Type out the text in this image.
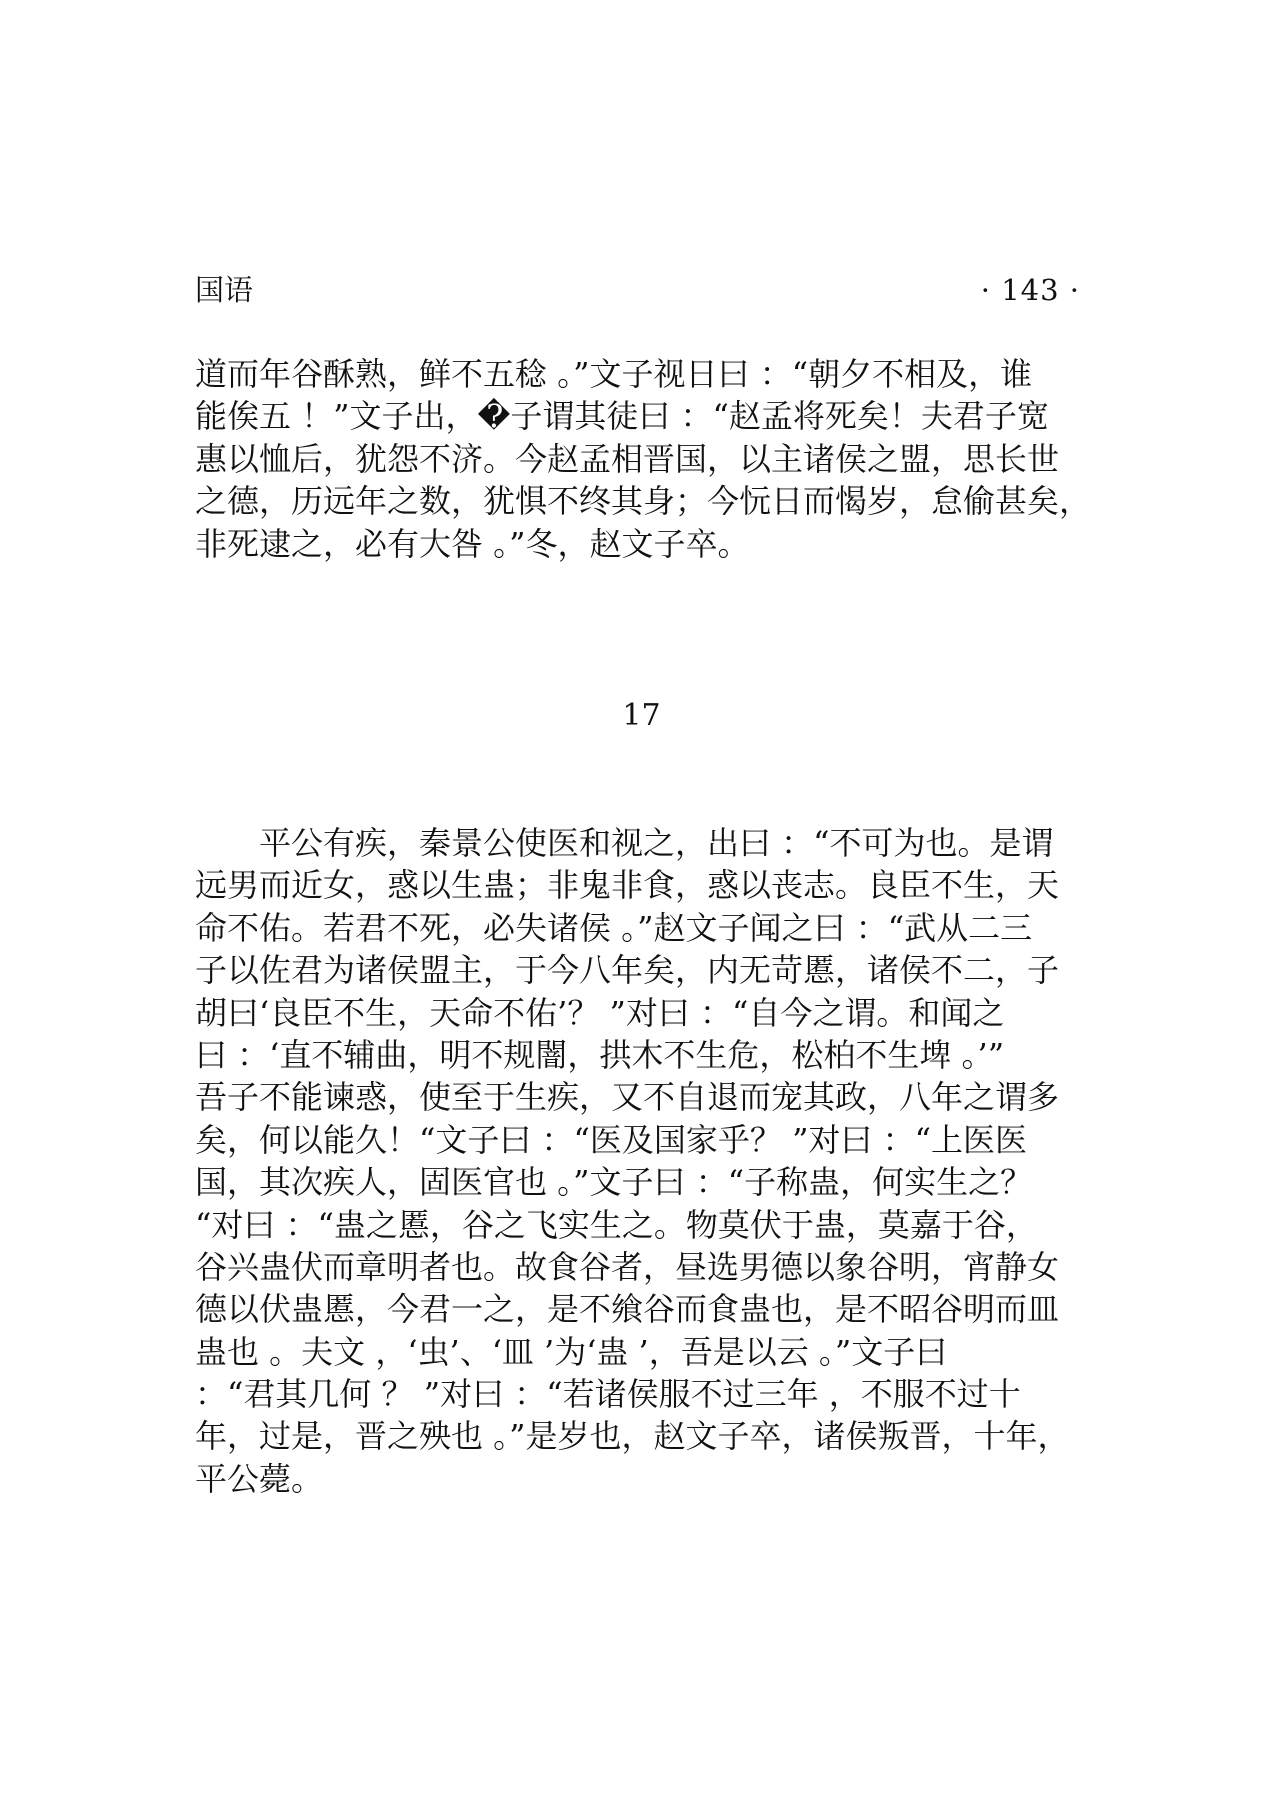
国语	· 143 ·
道而年谷酥熟，鲜不五稔 。”文子视日曰 ：“朝夕不相及，谁
能俟五 ！”文子出，�子谓其徒曰 ：“赵孟将死矣！夫君子宽
惠以恤后，犹怨不济。今赵孟相晋国，以主诸侯之盟，思长世
之德，历远年之数，犹惧不终其身；今忨日而愒岁，怠偷甚矣，
非死逮之，必有大咎 。”冬，赵文子卒。
17
　　平公有疾，秦景公使医和视之，出曰 ：“不可为也。是谓
远男而近女，惑以生蛊；非鬼非食，惑以丧志。良臣不生，天
命不佑。若君不死，必失诸侯 。”赵文子闻之曰 ：“武从二三
子以佐君为诸侯盟主，于今八年矣，内无苛慝，诸侯不二，子
胡曰‘良臣不生，天命不佑’？ ”对曰 ：“自今之谓。和闻之
曰 ：‘直不辅曲，明不规闇，拱木不生危，松柏不生埤 。’”
吾子不能谏惑，使至于生疾，又不自退而宠其政，八年之谓多
矣，何以能久！“文子曰 ：“医及国家乎？ ”对曰 ：“上医医
国，其次疾人，固医官也 。”文子曰 ：“子称蛊，何实生之？
“对曰 ：“蛊之慝，谷之飞实生之。物莫伏于蛊，莫嘉于谷，
谷兴蛊伏而章明者也。故食谷者，昼选男德以象谷明，宵静女
德以伏蛊慝，今君一之，是不飨谷而食蛊也，是不昭谷明而皿
蛊也 。夫文 ，‘虫’、‘皿 ’为‘蛊 ’，吾是以云 。”文子曰
：“君其几何 ？ ”对曰 ：“若诸侯服不过三年 ，不服不过十
年，过是，晋之殃也 。”是岁也，赵文子卒，诸侯叛晋，十年，
平公薨。
